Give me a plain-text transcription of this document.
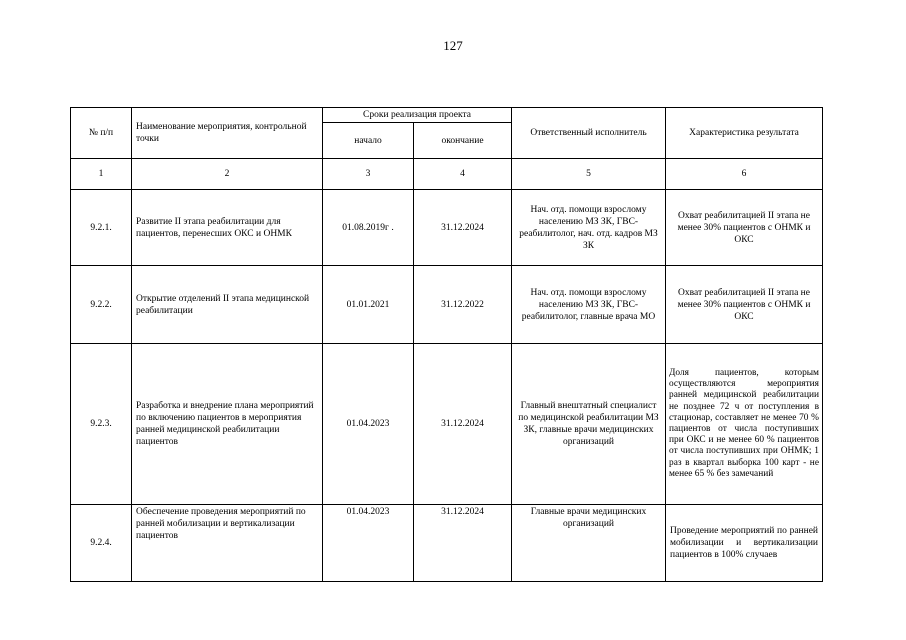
127
№ п/п	Наименование мероприятия, контрольной точки	Сроки реализация проекта		Ответственный исполнитель	Характеристика результата
		начало	окончание		
1	2	3	4	5	6
9.2.1.	Развитие II этапа реабилитации для пациентов, перенесших ОКС и ОНМК	01.08.2019г .	31.12.2024	Нач. отд. помощи взрослому населению МЗ ЗК, ГВС-реабилитолог, нач. отд. кадров МЗ ЗК	Охват реабилитацией II этапа не менее 30% пациентов с ОНМК и ОКС
9.2.2.	Открытие отделений II этапа медицинской реабилитации	01.01.2021	31.12.2022	Нач. отд. помощи взрослому населению МЗ ЗК, ГВС-реабилитолог, главные врача МО	Охват реабилитацией II этапа не менее 30% пациентов с ОНМК и ОКС
9.2.3.	Разработка и внедрение плана мероприятий по включению пациентов в мероприятия ранней медицинской реабилитации пациентов	01.04.2023	31.12.2024	Главный внештатный специалист по медицинской реабилитации МЗ ЗК, главные врачи медицинских организаций	Доля пациентов, которым осуществляются мероприятия ранней медицинской реабилитации не позднее 72 ч от поступления в стационар, составляет не менее 70 % пациентов от числа поступивших при ОКС и не менее 60 % пациентов от числа поступивших при ОНМК; 1 раз в квартал выборка 100 карт - не менее 65 % без замечаний
9.2.4.	Обеспечение проведения мероприятий по ранней мобилизации и вертикализации пациентов	01.04.2023	31.12.2024	Главные врачи медицинских организаций	Проведение мероприятий по ранней мобилизации и вертикализации пациентов в 100% случаев
